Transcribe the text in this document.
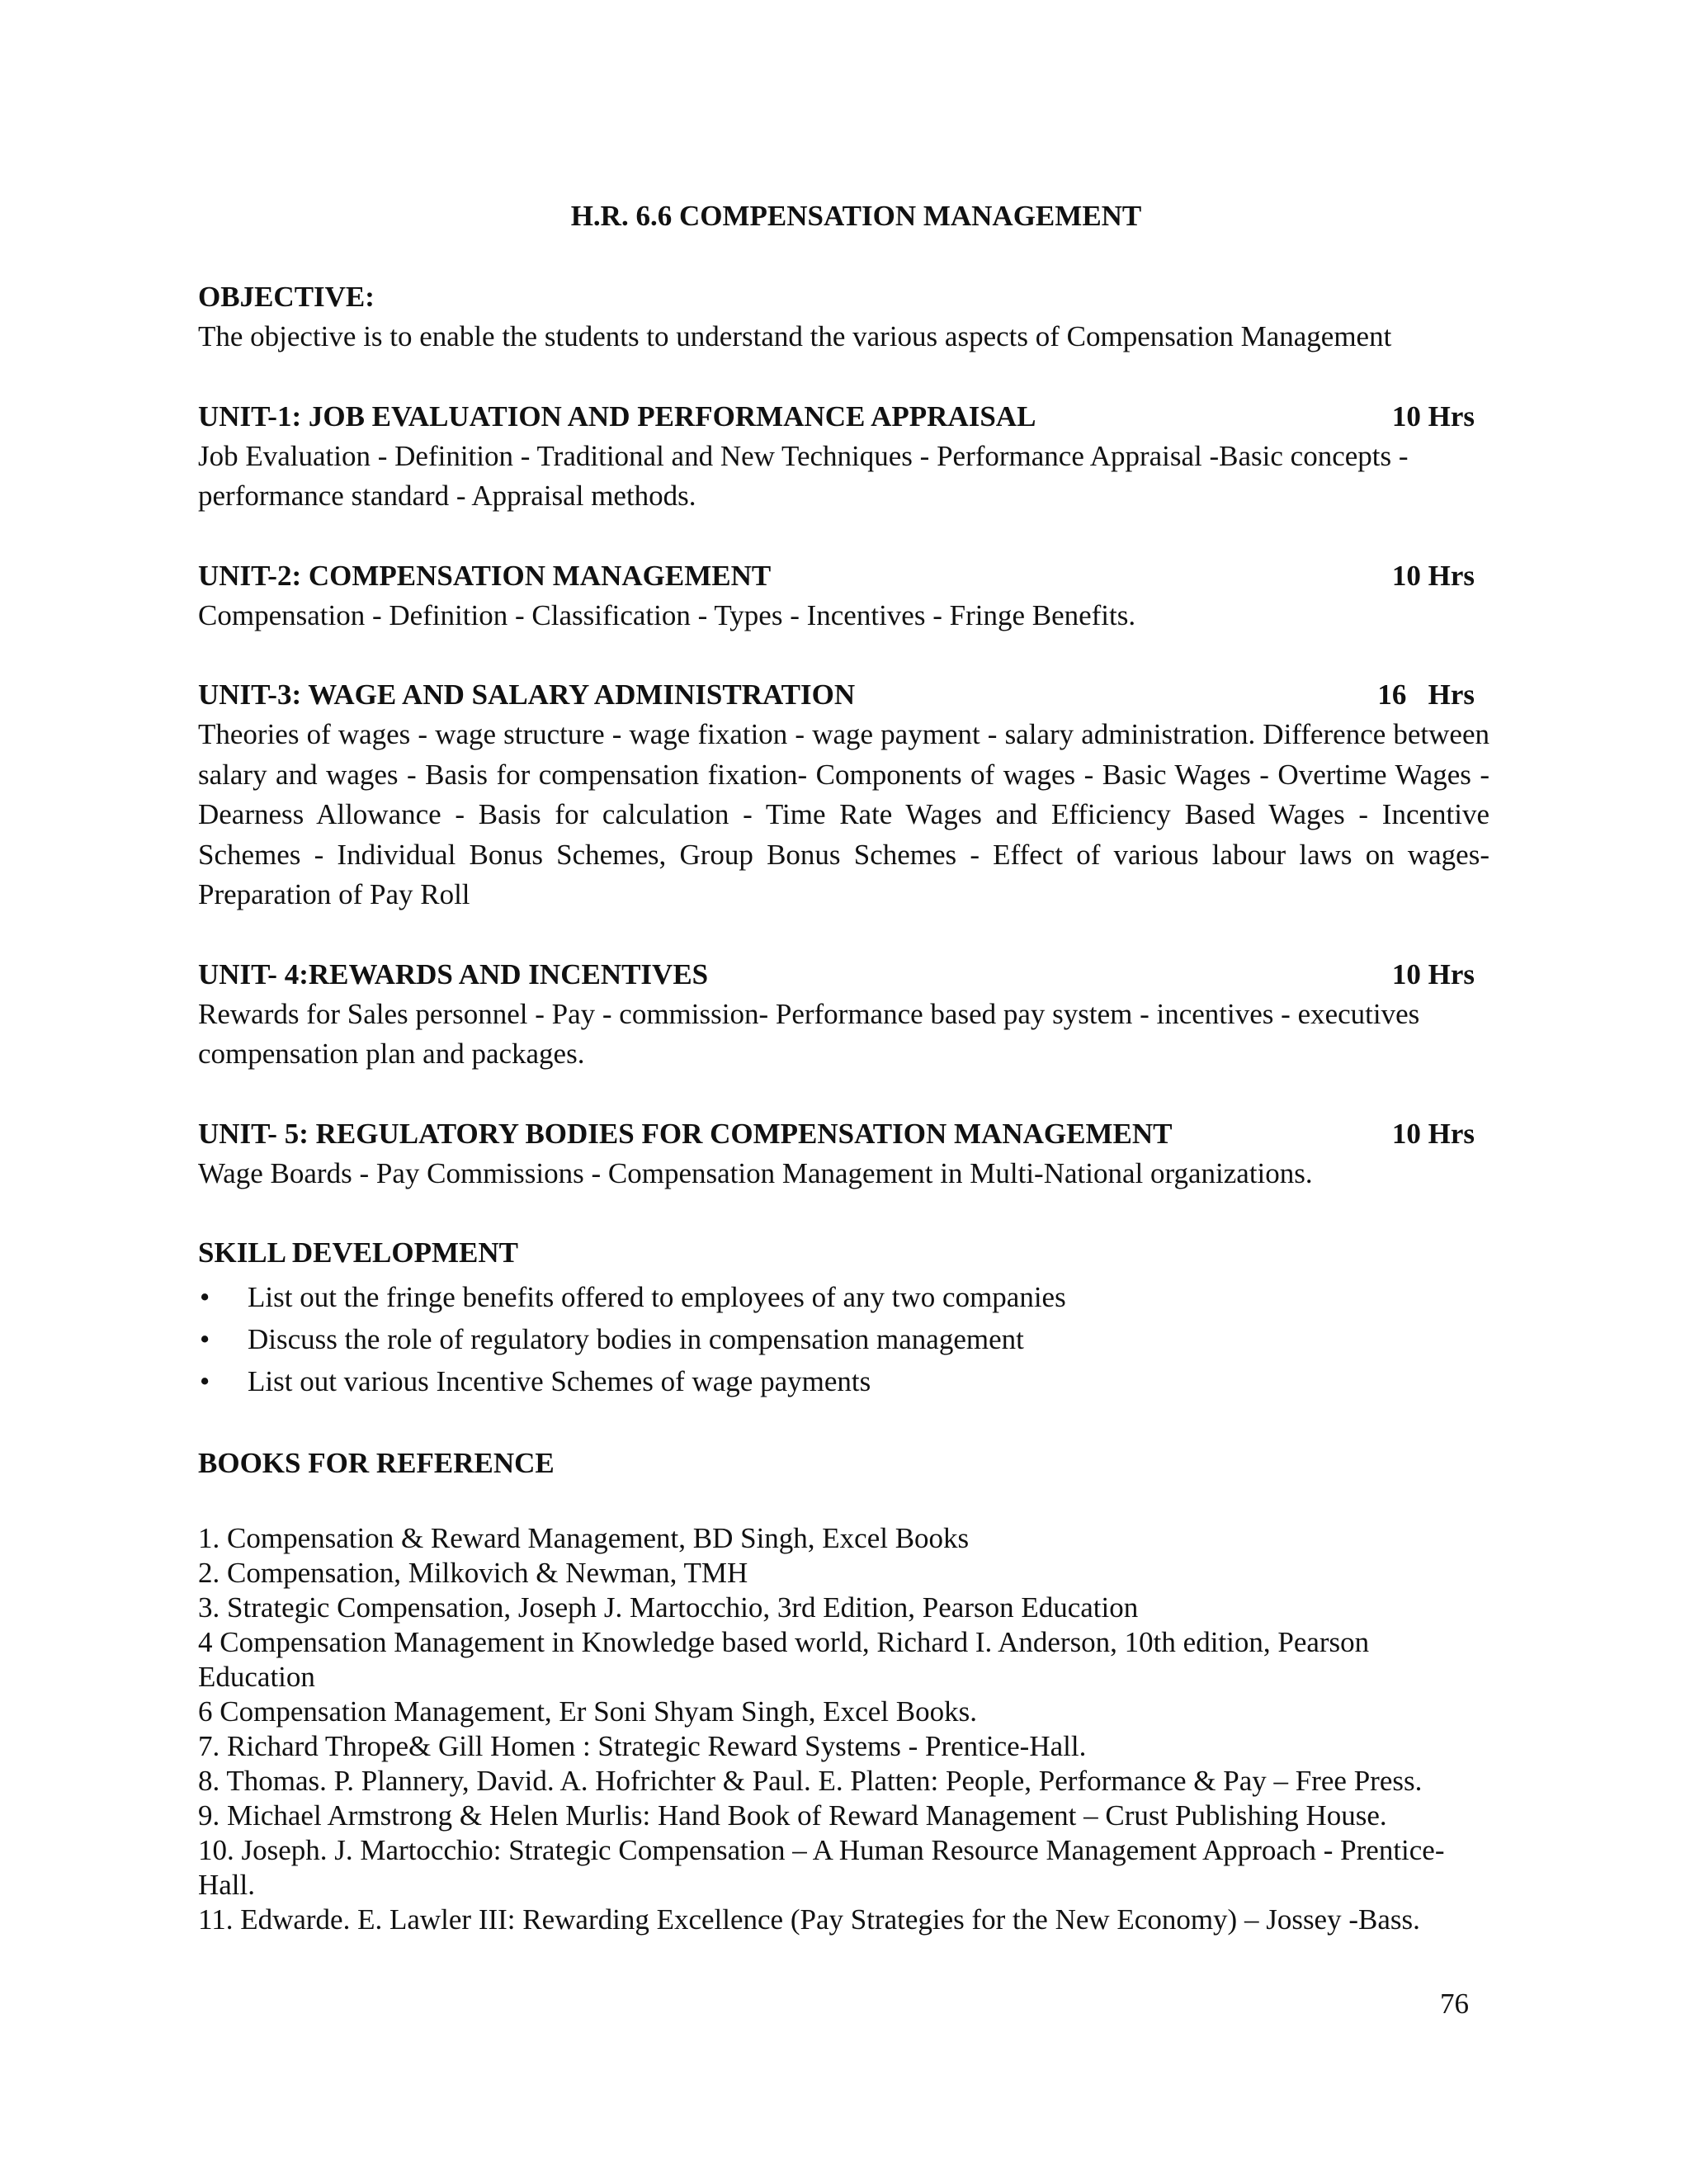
H.R. 6.6 COMPENSATION MANAGEMENT

OBJECTIVE:

The objective is to enable the students to understand the various aspects of Compensation Management

UNIT-1: JOB EVALUATION AND PERFORMANCE APPRAISAL	10 Hrs

Job Evaluation - Definition - Traditional and New Techniques - Performance Appraisal -Basic concepts - performance standard - Appraisal methods.

UNIT-2: COMPENSATION MANAGEMENT	10 Hrs

Compensation - Definition - Classification - Types - Incentives - Fringe Benefits.

UNIT-3: WAGE AND SALARY ADMINISTRATION	16   Hrs

Theories of wages - wage structure - wage fixation - wage payment - salary administration. Difference between salary and wages - Basis for compensation fixation- Components of wages - Basic Wages - Overtime Wages - Dearness Allowance - Basis for calculation - Time Rate Wages and Efficiency Based Wages - Incentive Schemes - Individual Bonus Schemes, Group Bonus Schemes - Effect of various labour laws on wages-Preparation of Pay Roll

UNIT- 4:REWARDS AND INCENTIVES	10 Hrs

Rewards for Sales personnel - Pay - commission- Performance based pay system - incentives - executives compensation plan and packages.

UNIT- 5: REGULATORY BODIES FOR COMPENSATION MANAGEMENT	10 Hrs

Wage Boards - Pay Commissions - Compensation Management in Multi-National organizations.

SKILL DEVELOPMENT

• List out the fringe benefits offered to employees of any two companies
• Discuss the role of regulatory bodies in compensation management
• List out various Incentive Schemes of wage payments

BOOKS FOR REFERENCE

1. Compensation & Reward Management, BD Singh, Excel Books

2. Compensation, Milkovich & Newman, TMH

3. Strategic Compensation, Joseph J. Martocchio, 3rd Edition, Pearson Education

4 Compensation Management in Knowledge based world, Richard I. Anderson, 10th edition, Pearson Education

6 Compensation Management, Er Soni Shyam Singh, Excel Books.

7. Richard Thrope& Gill Homen : Strategic Reward Systems - Prentice-Hall.

8. Thomas. P. Plannery, David. A. Hofrichter & Paul. E. Platten: People, Performance & Pay – Free Press.

9. Michael Armstrong & Helen Murlis: Hand Book of Reward Management – Crust Publishing House.

10. Joseph. J. Martocchio: Strategic Compensation – A Human Resource Management Approach - Prentice-Hall.

11. Edwarde. E. Lawler III: Rewarding Excellence (Pay Strategies for the New Economy) – Jossey -Bass.

76
